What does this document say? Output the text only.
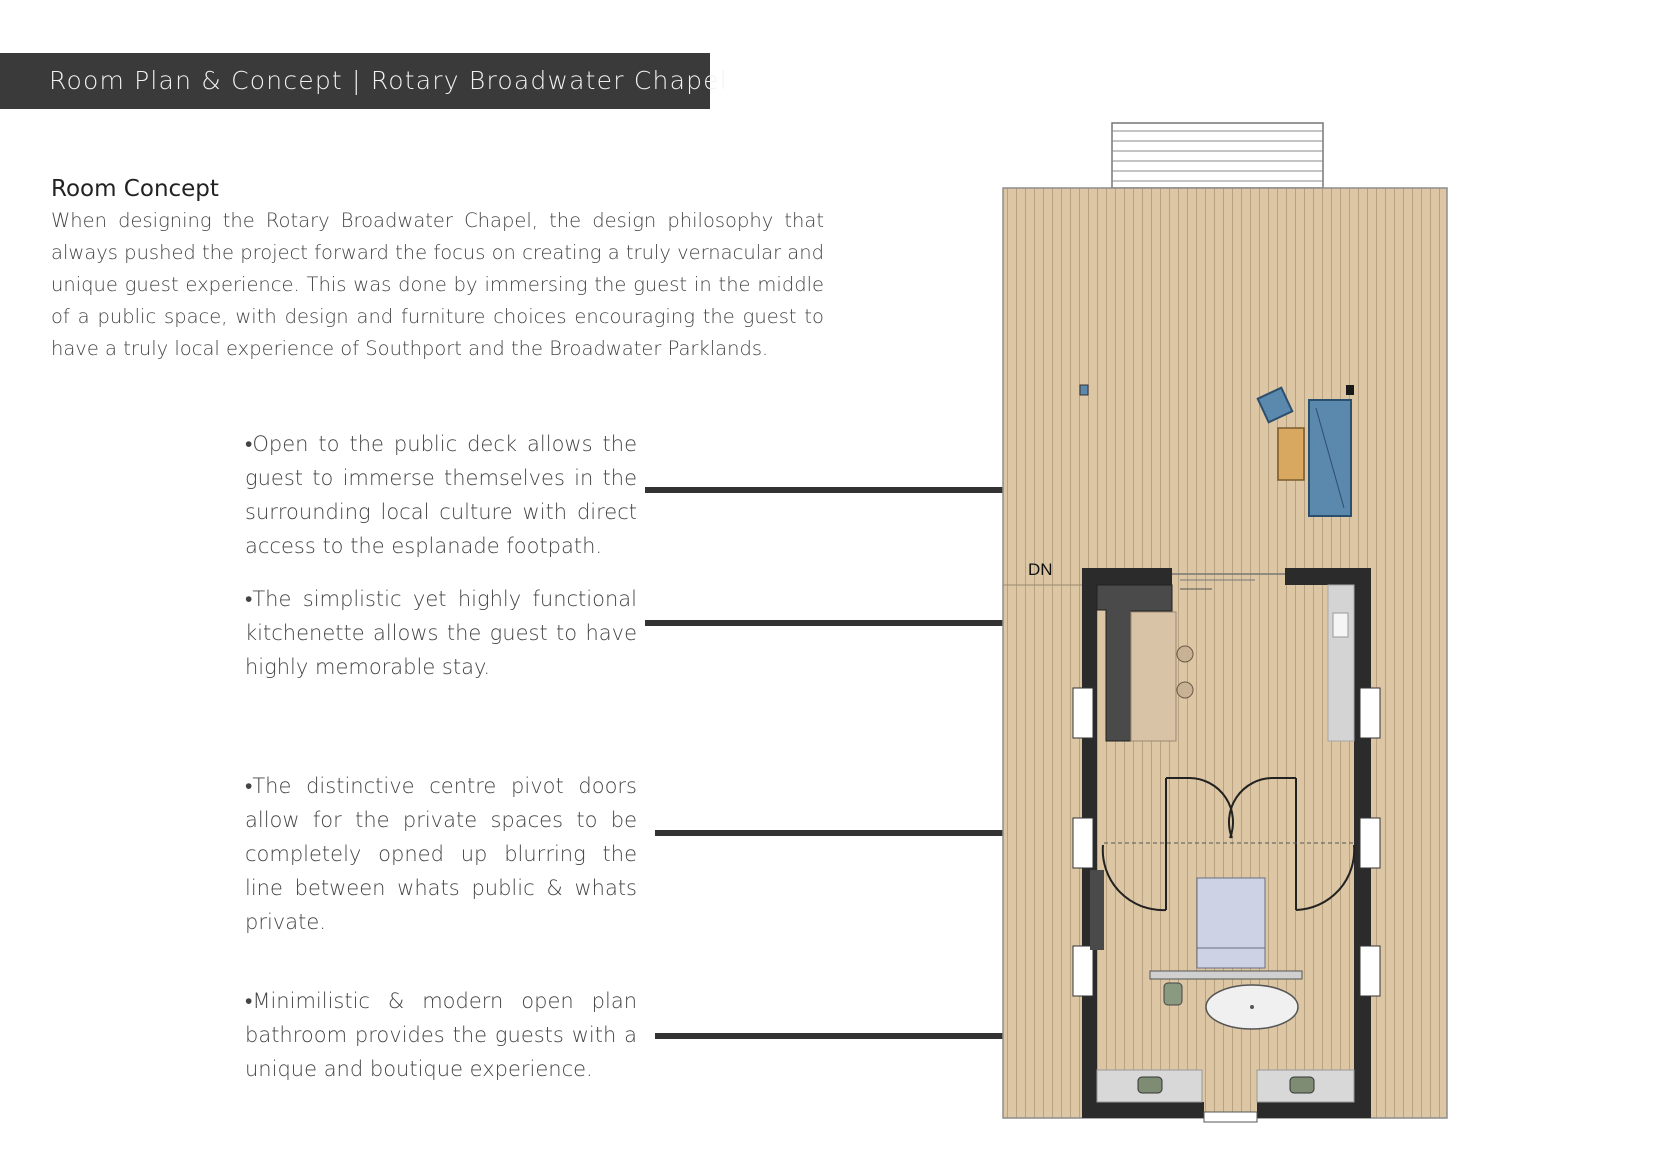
Room Plan & Concept | Rotary Broadwater Chapel
Room Concept
When designing the Rotary Broadwater Chapel, the design philosophy that always pushed the project forward the focus on creating a truly vernacular and unique guest experience. This was done by immersing the guest in the middle of a public space, with design and furniture choices encouraging the guest to have a truly local experience of Southport and the Broadwater Parklands.
•Open to the public deck allows the guest to immerse themselves in the surrounding local culture with direct access to the esplanade footpath.
•The simplistic yet highly functional kitchenette allows the guest to have highly memorable stay.
•The distinctive centre pivot doors allow for the private spaces to be completely opned up blurring the line between whats public & whats private.
•Minimilistic & modern open plan bathroom provides the guests with a unique and boutique experience.
DN
